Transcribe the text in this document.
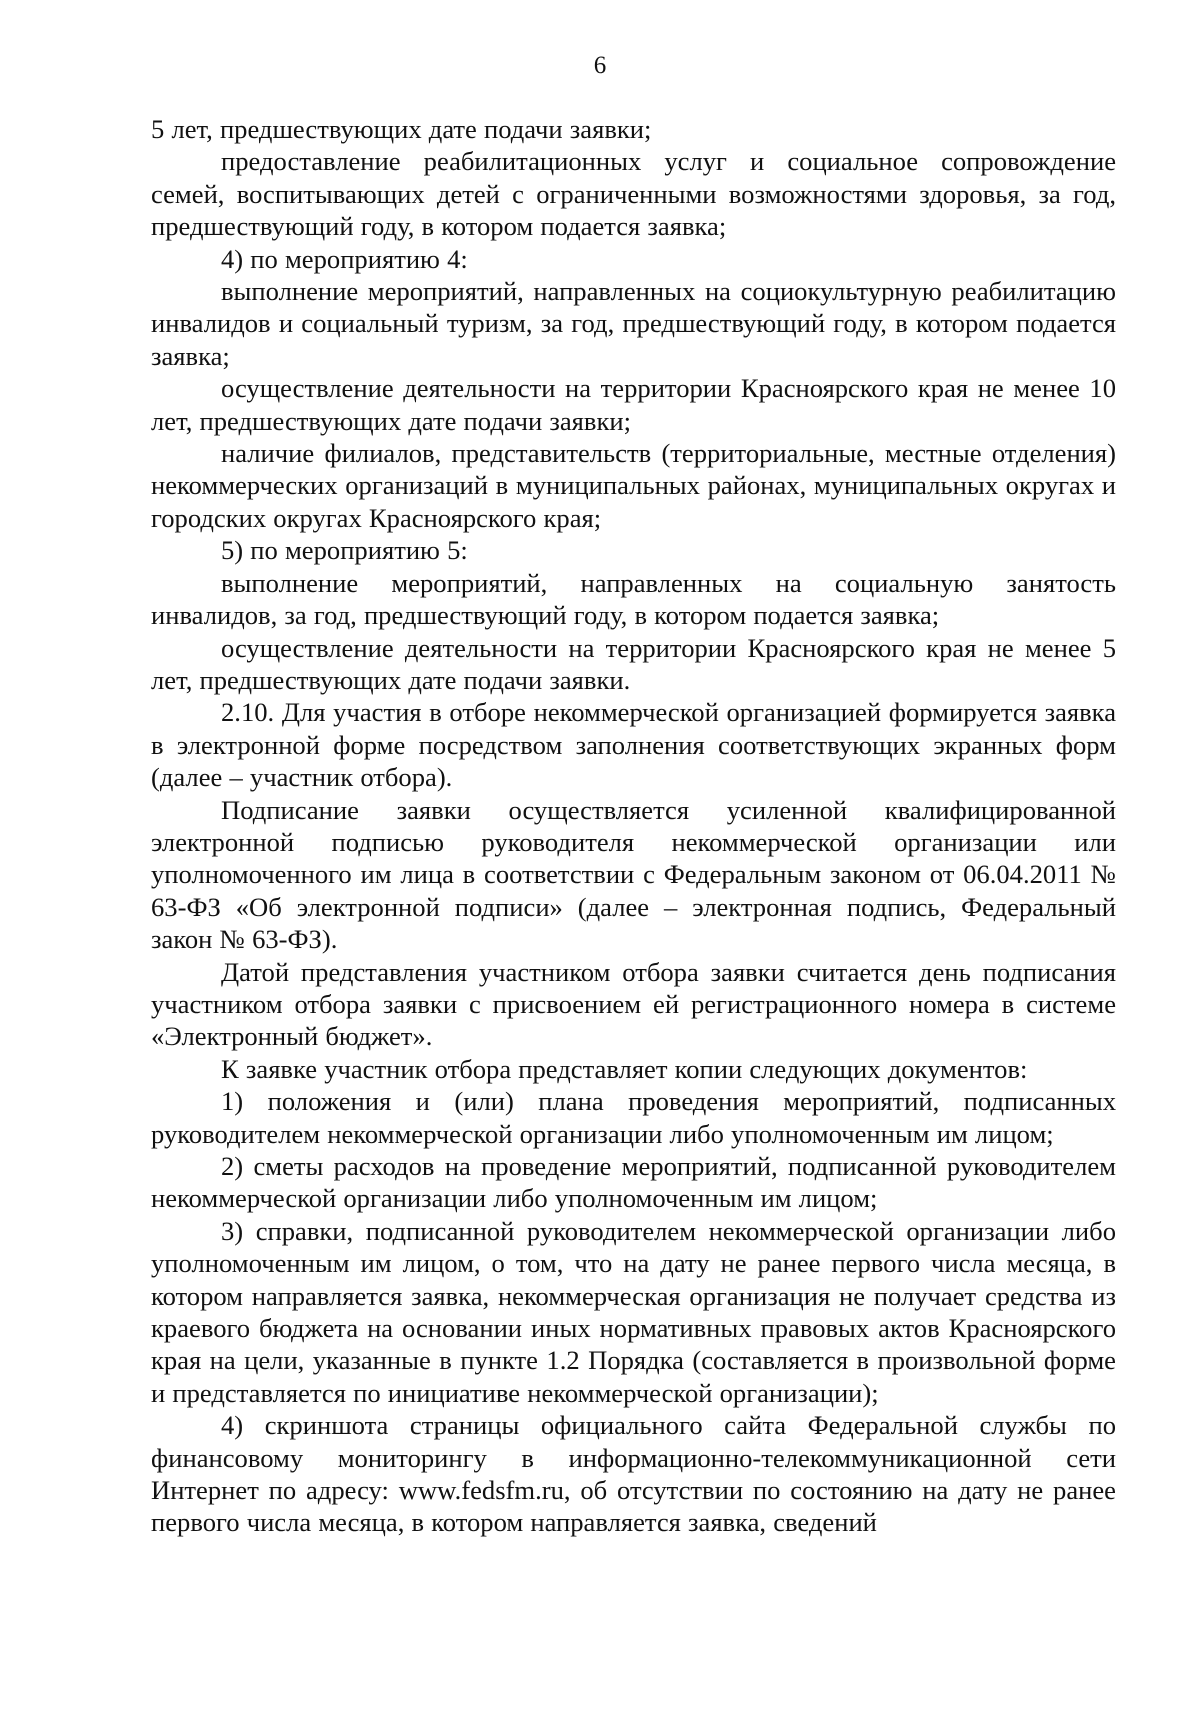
6

5 лет, предшествующих дате подачи заявки;

предоставление реабилитационных услуг и социальное сопровождение семей, воспитывающих детей с ограниченными возможностями здоровья, за год, предшествующий году, в котором подается заявка;

4) по мероприятию 4:

выполнение мероприятий, направленных на социокультурную реабилитацию инвалидов и социальный туризм, за год, предшествующий году, в котором подается заявка;

осуществление деятельности на территории Красноярского края не менее 10 лет, предшествующих дате подачи заявки;

наличие филиалов, представительств (территориальные, местные отделения) некоммерческих организаций в муниципальных районах, муниципальных округах и городских округах Красноярского края;

5) по мероприятию 5:

выполнение мероприятий, направленных на социальную занятость инвалидов, за год, предшествующий году, в котором подается заявка;

осуществление деятельности на территории Красноярского края не менее 5 лет, предшествующих дате подачи заявки.

2.10. Для участия в отборе некоммерческой организацией формируется заявка в электронной форме посредством заполнения соответствующих экранных форм (далее – участник отбора).

Подписание заявки осуществляется усиленной квалифицированной электронной подписью руководителя некоммерческой организации или уполномоченного им лица в соответствии с Федеральным законом от 06.04.2011 № 63-ФЗ «Об электронной подписи» (далее – электронная подпись, Федеральный закон № 63-ФЗ).

Датой представления участником отбора заявки считается день подписания участником отбора заявки с присвоением ей регистрационного номера в системе «Электронный бюджет».

К заявке участник отбора представляет копии следующих документов:

1) положения и (или) плана проведения мероприятий, подписанных руководителем некоммерческой организации либо уполномоченным им лицом;

2) сметы расходов на проведение мероприятий, подписанной руководителем некоммерческой организации либо уполномоченным им лицом;

3) справки, подписанной руководителем некоммерческой организации либо уполномоченным им лицом, о том, что на дату не ранее первого числа месяца, в котором направляется заявка, некоммерческая организация не получает средства из краевого бюджета на основании иных нормативных правовых актов Красноярского края на цели, указанные в пункте 1.2 Порядка (составляется в произвольной форме и представляется по инициативе некоммерческой организации);

4) скриншота страницы официального сайта Федеральной службы по финансовому мониторингу в информационно-телекоммуникационной сети Интернет по адресу: www.fedsfm.ru, об отсутствии по состоянию на дату не ранее первого числа месяца, в котором направляется заявка, сведений
